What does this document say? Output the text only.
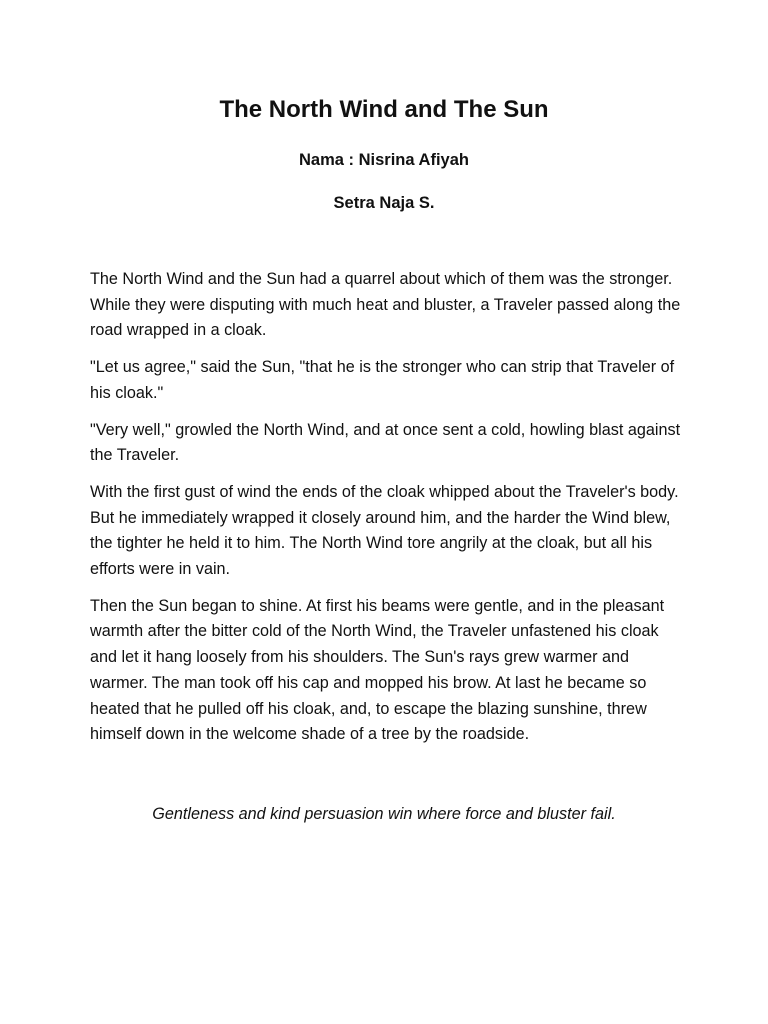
The North Wind and The Sun

Nama : Nisrina Afiyah

Setra Naja S.

The North Wind and the Sun had a quarrel about which of them was the stronger. While they were disputing with much heat and bluster, a Traveler passed along the road wrapped in a cloak.

"Let us agree," said the Sun, "that he is the stronger who can strip that Traveler of his cloak."

"Very well," growled the North Wind, and at once sent a cold, howling blast against the Traveler.

With the first gust of wind the ends of the cloak whipped about the Traveler's body. But he immediately wrapped it closely around him, and the harder the Wind blew, the tighter he held it to him. The North Wind tore angrily at the cloak, but all his efforts were in vain.

Then the Sun began to shine. At first his beams were gentle, and in the pleasant warmth after the bitter cold of the North Wind, the Traveler unfastened his cloak and let it hang loosely from his shoulders. The Sun's rays grew warmer and warmer. The man took off his cap and mopped his brow. At last he became so heated that he pulled off his cloak, and, to escape the blazing sunshine, threw himself down in the welcome shade of a tree by the roadside.

Gentleness and kind persuasion win where force and bluster fail.
